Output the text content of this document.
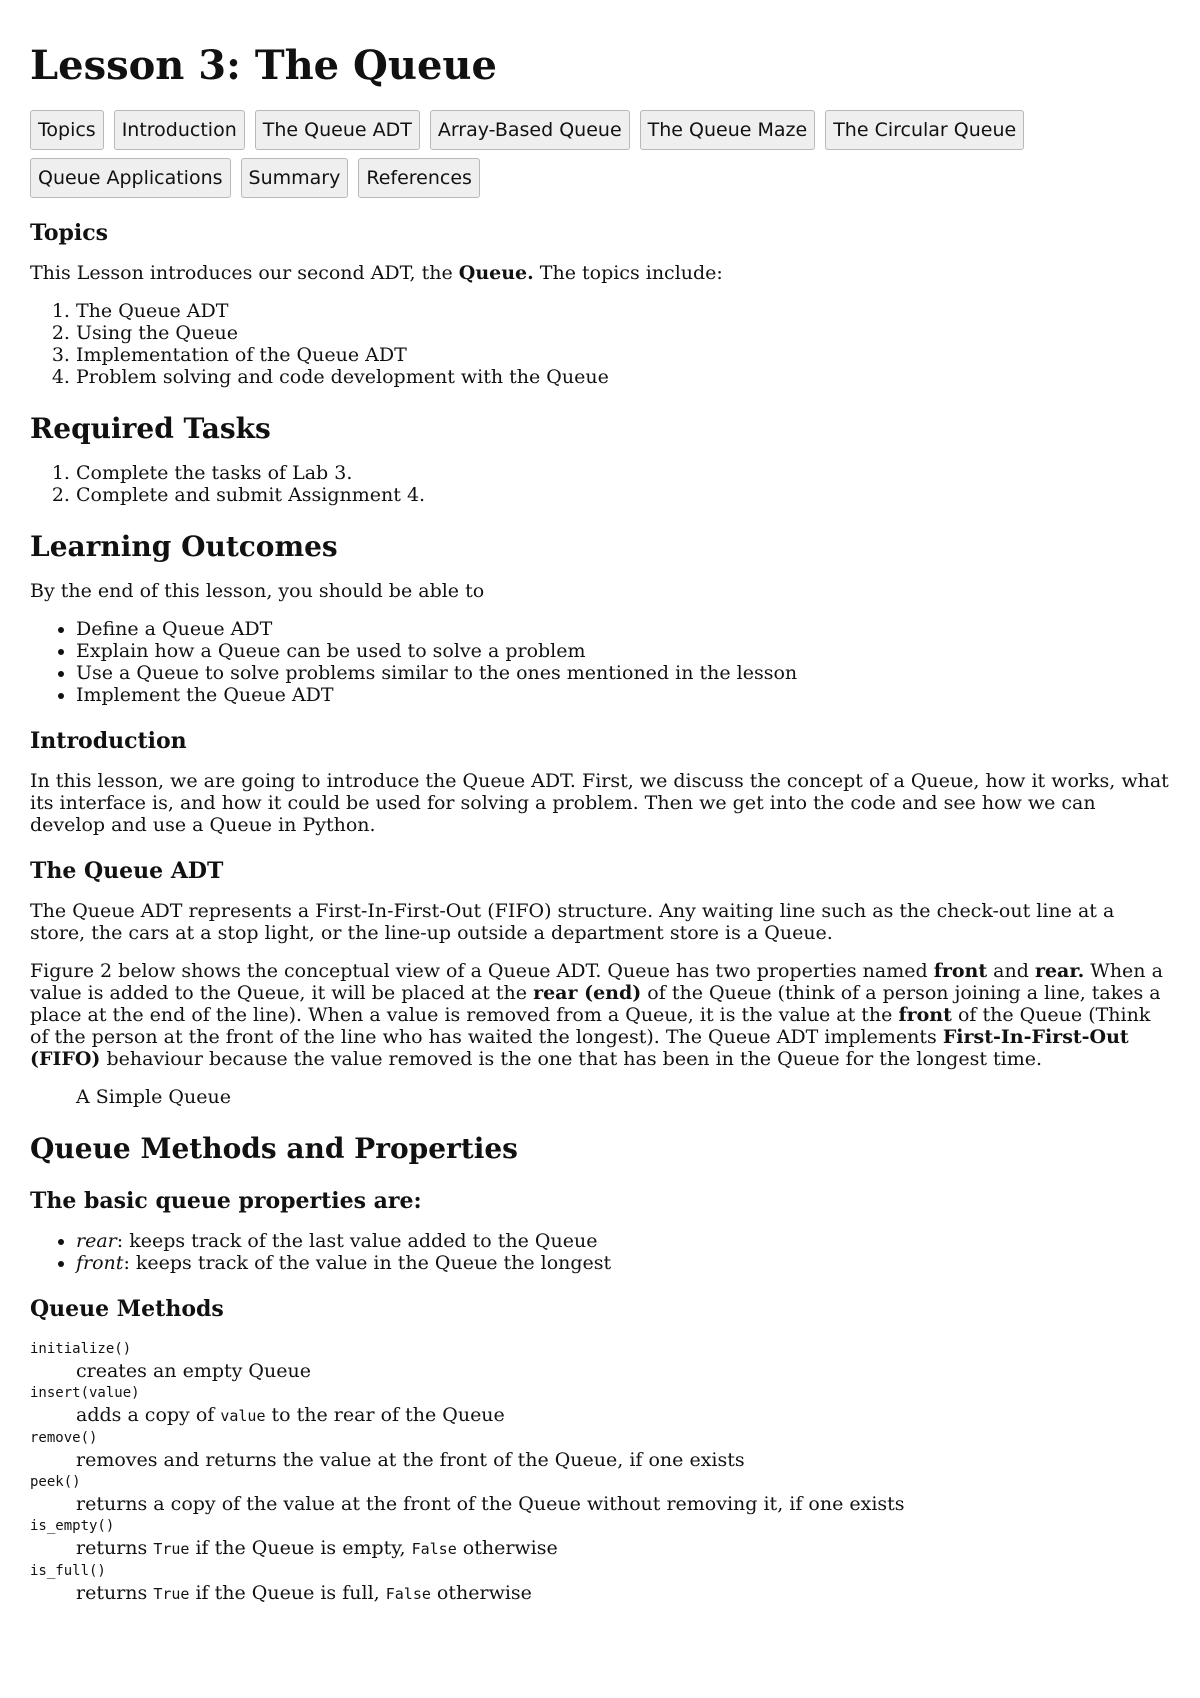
Lesson 3: The Queue
Topics	Introduction	The Queue ADT	Array-Based Queue	The Queue Maze	The Circular Queue
Queue Applications	Summary	References
Topics

This Lesson introduces our second ADT, the Queue. The topics include:

1. The Queue ADT
2. Using the Queue
3. Implementation of the Queue ADT
4. Problem solving and code development with the Queue
Required Tasks
1. Complete the tasks of Lab 3.
2. Complete and submit Assignment 4.
Learning Outcomes

By the end of this lesson, you should be able to

• Define a Queue ADT
• Explain how a Queue can be used to solve a problem
• Use a Queue to solve problems similar to the ones mentioned in the lesson
• Implement the Queue ADT
Introduction

In this lesson, we are going to introduce the Queue ADT. First, we discuss the concept of a Queue, how it works, what its interface is, and how it could be used for solving a problem. Then we get into the code and see how we can develop and use a Queue in Python.

The Queue ADT

The Queue ADT represents a First-In-First-Out (FIFO) structure. Any waiting line such as the check-out line at a store, the cars at a stop light, or the line-up outside a department store is a Queue.

Figure 2 below shows the conceptual view of a Queue ADT. Queue has two properties named front and rear. When a value is added to the Queue, it will be placed at the rear (end) of the Queue (think of a person joining a line, takes a place at the end of the line). When a value is removed from a Queue, it is the value at the front of the Queue (Think of the person at the front of the line who has waited the longest). The Queue ADT implements First-In-First-Out (FIFO) behaviour because the value removed is the one that has been in the Queue for the longest time.

A Simple Queue
Queue Methods and Properties
The basic queue properties are:
• rear: keeps track of the last value added to the Queue
• front: keeps track of the value in the Queue the longest
Queue Methods
initialize()
creates an empty Queue
insert(value)
adds a copy of value to the rear of the Queue
remove()
removes and returns the value at the front of the Queue, if one exists
peek()
returns a copy of the value at the front of the Queue without removing it, if one exists
is_empty()
returns True if the Queue is empty, False otherwise
is_full()
returns True if the Queue is full, False otherwise
